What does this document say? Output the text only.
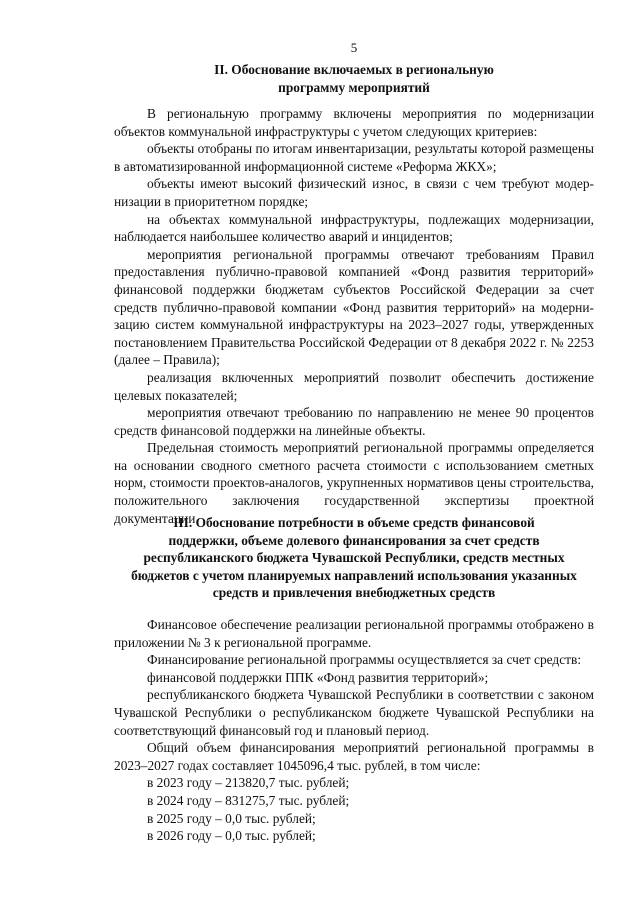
5

II. Обоснование включаемых в региональную

программу мероприятий

В региональную программу включены мероприятия по модернизации объектов коммунальной инфраструктуры с учетом следующих критериев:

объекты отобраны по итогам инвентаризации, результаты которой размещены в автоматизированной информационной системе «Реформа ЖКХ»;

объекты имеют высокий физический износ, в связи с чем требуют модернизации в приоритетном порядке;

на объектах коммунальной инфраструктуры, подлежащих модернизации, наблюдается наибольшее количество аварий и инцидентов;

мероприятия региональной программы отвечают требованиям Правил предоставления публично-правовой компанией «Фонд развития территорий» финансовой поддержки бюджетам субъектов Российской Федерации за счет средств публично-правовой компании «Фонд развития территорий» на модернизацию систем коммунальной инфраструктуры на 2023–2027 годы, утвержденных постановлением Правительства Российской Федерации от 8 декабря 2022 г. № 2253 (далее – Правила);

реализация включенных мероприятий позволит обеспечить достижение целевых показателей;

мероприятия отвечают требованию по направлению не менее 90 процентов средств финансовой поддержки на линейные объекты.

Предельная стоимость мероприятий региональной программы определяется на основании сводного сметного расчета стоимости с использованием сметных норм, стоимости проектов-аналогов, укрупненных нормативов цены строительства, положительного заключения государственной экспертизы проектной документации.

III. Обоснование потребности в объеме средств финансовой

поддержки, объеме долевого финансирования за счет средств

республиканского бюджета Чувашской Республики, средств местных

бюджетов с учетом планируемых направлений использования указанных

средств и привлечения внебюджетных средств

Финансовое обеспечение реализации региональной программы отображено в приложении № 3 к региональной программе.

Финансирование региональной программы осуществляется за счет средств:

финансовой поддержки ППК «Фонд развития территорий»;

республиканского бюджета Чувашской Республики в соответствии с законом Чувашской Республики о республиканском бюджете Чувашской Республики на соответствующий финансовый год и плановый период.

Общий объем финансирования мероприятий региональной программы в 2023–2027 годах составляет 1045096,4 тыс. рублей, в том числе:

в 2023 году – 213820,7 тыс. рублей;

в 2024 году – 831275,7 тыс. рублей;

в 2025 году – 0,0 тыс. рублей;

в 2026 году – 0,0 тыс. рублей;
